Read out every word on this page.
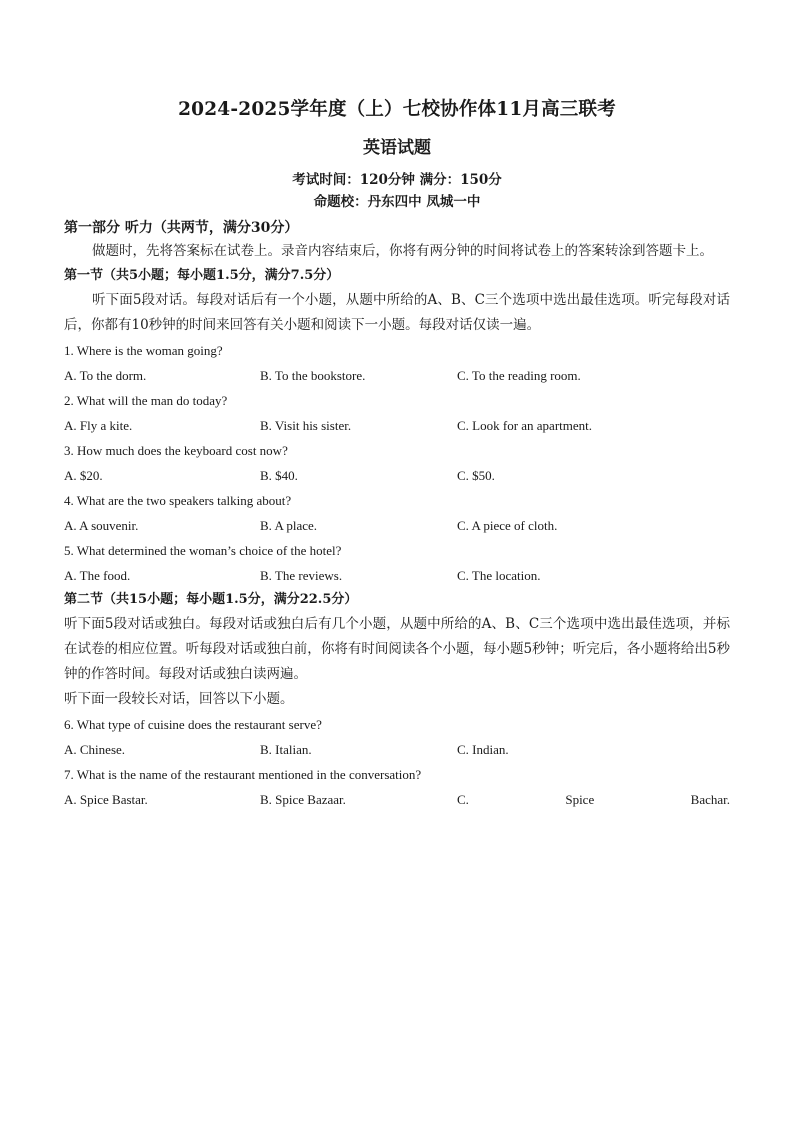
2024-2025学年度（上）七校协作体11月高三联考
英语试题
考试时间：120分钟 满分：150分
命题校：丹东四中 凤城一中
第一部分 听力（共两节，满分30分）
做题时，先将答案标在试卷上。录音内容结束后，你将有两分钟的时间将试卷上的答案转涂到答题卡上。
第一节（共5小题；每小题1.5分，满分7.5分）
听下面5段对话。每段对话后有一个小题，从题中所给的A、B、C三个选项中选出最佳选项。听完每段对话后，你都有10秒钟的时间来回答有关小题和阅读下一小题。每段对话仅读一遍。
1. Where is the woman going?
A. To the dorm.	B. To the bookstore.	C. To the reading room.
2. What will the man do today?
A. Fly a kite.	B. Visit his sister.	C. Look for an apartment.
3. How much does the keyboard cost now?
A. $20.	B. $40.	C. $50.
4. What are the two speakers talking about?
A. A souvenir.	B. A place.	C. A piece of cloth.
5. What determined the woman’s choice of the hotel?
A. The food.	B. The reviews.	C. The location.
第二节（共15小题；每小题1.5分，满分22.5分）
听下面5段对话或独白。每段对话或独白后有几个小题，从题中所给的A、B、C三个选项中选出最佳选项，并标在试卷的相应位置。听每段对话或独白前，你将有时间阅读各个小题，每小题5秒钟；听完后，各小题将给出5秒钟的作答时间。每段对话或独白读两遍。
听下面一段较长对话，回答以下小题。
6. What type of cuisine does the restaurant serve?
A. Chinese.	B. Italian.	C. Indian.
7. What is the name of the restaurant mentioned in the conversation?
A. Spice Bastar.	B. Spice Bazaar.	C.	Spice	Bachar.
